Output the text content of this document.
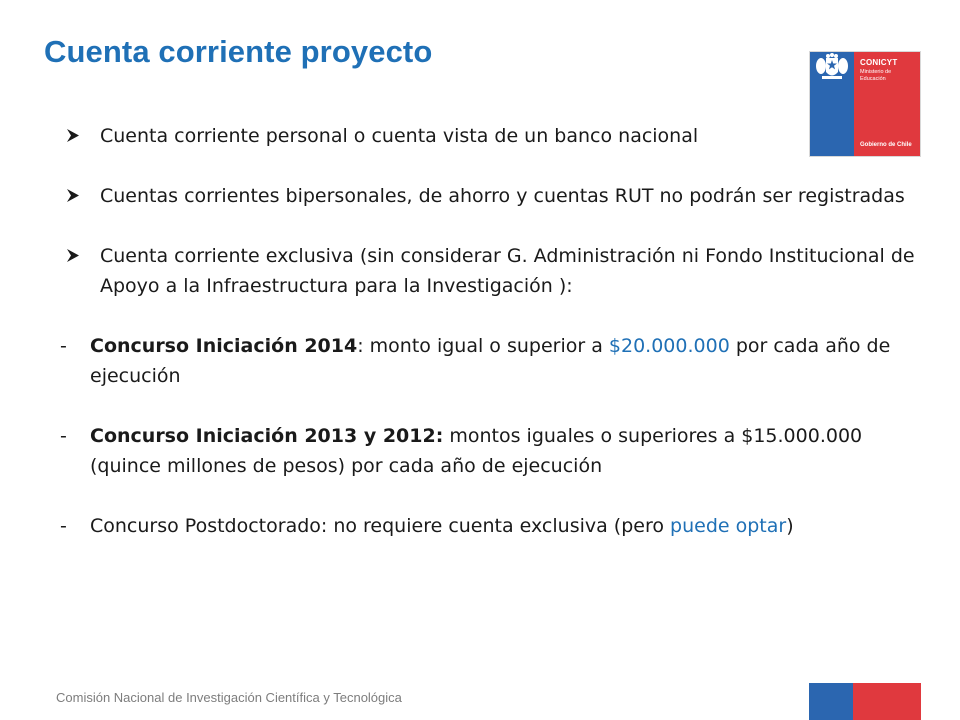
Cuenta corriente proyecto	CONICYT
Ministerio de Educación
Gobierno de Chile

Cuenta corriente personal o cuenta vista de un banco nacional

Cuentas corrientes bipersonales, de ahorro y cuentas RUT no podrán ser registradas

Cuenta corriente exclusiva (sin considerar G. Administración ni Fondo Institucional de Apoyo a la Infraestructura para la Investigación ):

-	Concurso Iniciación 2014: monto igual o superior a $20.000.000 por cada año de ejecución

-	Concurso Iniciación 2013 y 2012: montos iguales o superiores a $15.000.000 (quince millones de pesos) por cada año de ejecución

-	Concurso Postdoctorado: no requiere cuenta exclusiva (pero puede optar)

Comisión Nacional de Investigación Científica y Tecnológica
